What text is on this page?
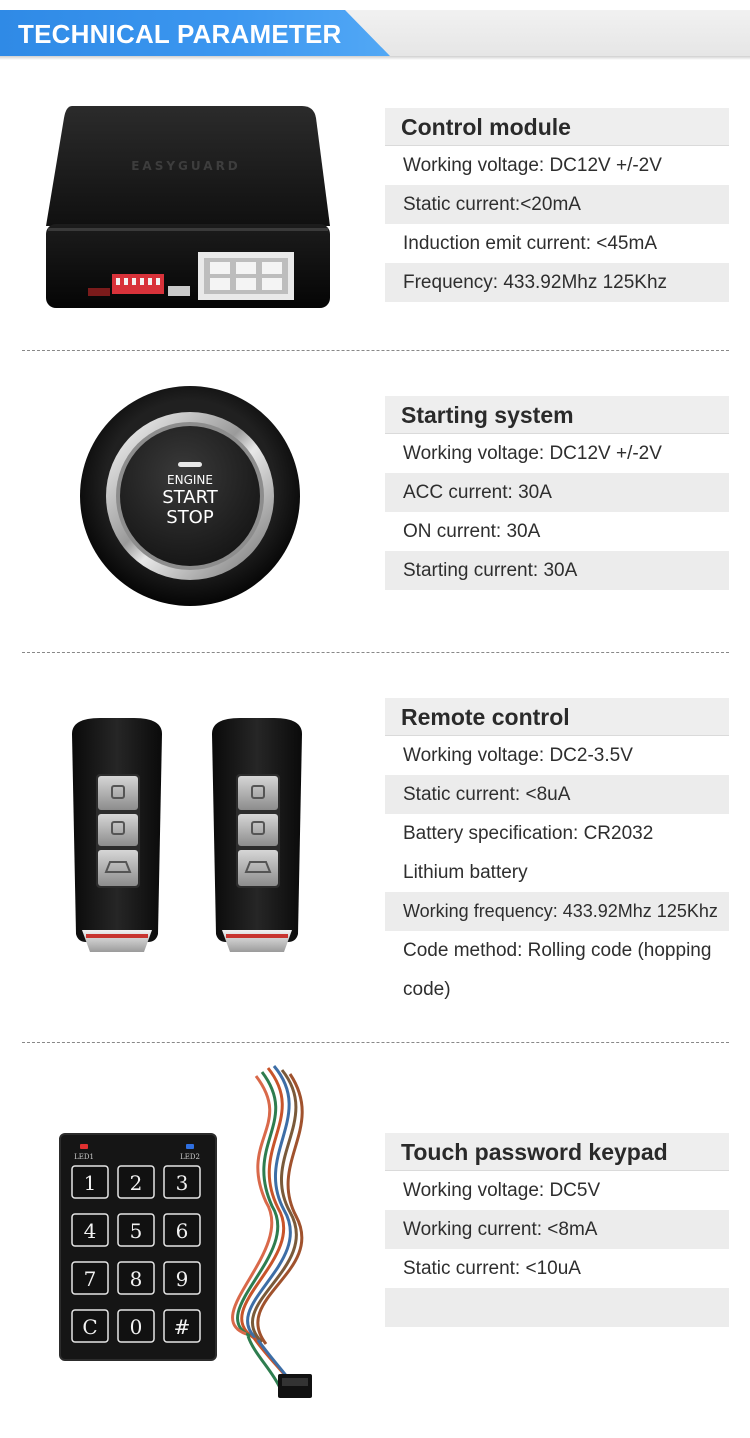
TECHNICAL PARAMETER
EASYGUARD
Control module
Working voltage: DC12V +/-2V
Static current:<20mA
Induction emit current: <45mA
Frequency: 433.92Mhz 125Khz
ENGINE
START
STOP
Starting system
Working voltage: DC12V +/-2V
ACC current: 30A
ON current: 30A
Starting current: 30A
Remote control
Working voltage: DC2-3.5V
Static current: <8uA
Battery specification: CR2032 Lithium battery
Working frequency: 433.92Mhz 125Khz
Code method: Rolling code (hopping code)
LED1	LED2
1 2 3
4 5 6
7 8 9
C 0 #
Touch password keypad
Working voltage: DC5V
Working current: <8mA
Static current: <10uA
